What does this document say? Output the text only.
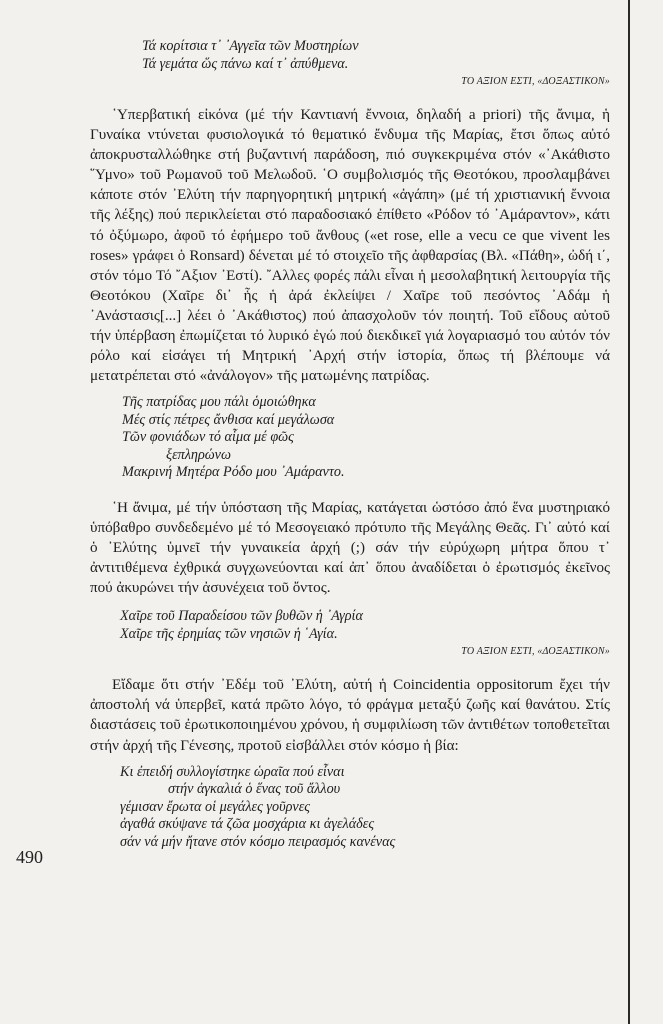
490
Τά κορίτσια τ᾽ ᾽Αγγεῖα τῶν Μυστηρίων
Τά γεμάτα ὥς πάνω καί τ᾽ ἀπύθμενα.
ΤΟ ΑΞΙΟΝ ΕΣΤΙ, «ΔΟΞΑΣΤΙΚΟΝ»

῾Υπερβατική εἰκόνα (μέ τήν Καντιανή ἔννοια, δηλαδή a priori) τῆς ἄνιμα, ἡ Γυναίκα ντύνεται φυσιολογικά τό θεματικό ἔνδυμα τῆς Μαρίας, ἔτσι ὅπως αὐτό ἀποκρυσταλλώθηκε στή βυζαντινή παράδοση, πιό συγκεκριμένα στόν «᾽Ακάθιστο ῞Υμνο» τοῦ Ρωμανοῦ τοῦ Μελωδοῦ. ῾Ο συμβολισμός τῆς Θεοτόκου, προσλαμβάνει κάποτε στόν ᾽Ελύτη τήν παρηγορητική μητρική «ἀγάπη» (μέ τή χριστιανική ἔννοια τῆς λέξης) πού περικλείεται στό παραδοσιακό ἐπίθετο «Ρόδον τό ᾽Αμάραντον», κάτι τό ὀξύμωρο, ἀφοῦ τό ἐφήμερο τοῦ ἄνθους («et rose, elle a vecu ce que vivent les roses» γράφει ὁ Ronsard) δένεται μέ τό στοιχεῖο τῆς ἀφθαρσίας (Βλ. «Πάθη», ὠδή ι΄, στόν τόμο Τό ῎Αξιον ᾽Εστί). ῎Αλλες φορές πάλι εἶναι ἡ μεσολαβητική λειτουργία τῆς Θεοτόκου (Χαῖρε δι᾽ ἧς ἡ ἀρά ἐκλείψει / Χαῖρε τοῦ πεσόντος ᾽Αδάμ ἡ ᾽Ανάστασις[...] λέει ὁ ᾽Ακάθιστος) πού ἀπασχολοῦν τόν ποιητή. Τοῦ εἴδους αὐτοῦ τήν ὑπέρβαση ἐπωμίζεται τό λυρικό ἐγώ πού διεκδικεῖ γιά λογαριασμό του αὐτόν τόν ρόλο καί εἰσάγει τή Μητρική ᾽Αρχή στήν ἱστορία, ὅπως τή βλέπουμε νά μετατρέπεται στό «ἀνάλογον» τῆς ματωμένης πατρίδας.

Τῆς πατρίδας μου πάλι ὁμοιώθηκα
Μές στίς πέτρες ἄνθισα καί μεγάλωσα
Τῶν φονιάδων τό αἷμα μέ φῶς
ξεπληρώνω
Μακρινή Μητέρα Ρόδο μου ᾽Αμάραντο.

῾Η ἄνιμα, μέ τήν ὑπόσταση τῆς Μαρίας, κατάγεται ὡστόσο ἀπό ἕνα μυστηριακό ὑπόβαθρο συνδεδεμένο μέ τό Μεσογειακό πρότυπο τῆς Μεγάλης Θεᾶς. Γι᾽ αὐτό καί ὁ ᾽Ελύτης ὑμνεῖ τήν γυναικεία ἀρχή (;) σάν τήν εὐρύχωρη μήτρα ὅπου τ᾽ ἀντιτιθέμενα ἐχθρικά συγχωνεύονται καί ἀπ᾽ ὅπου ἀναδίδεται ὁ ἐρωτισμός ἐκεῖνος πού ἀκυρώνει τήν ἀσυνέχεια τοῦ ὄντος.

Χαῖρε τοῦ Παραδείσου τῶν βυθῶν ἡ ᾽Αγρία
Χαῖρε τῆς ἐρημίας τῶν νησιῶν ἡ ῾Αγία.
ΤΟ ΑΞΙΟΝ ΕΣΤΙ, «ΔΟΞΑΣΤΙΚΟΝ»

Εἴδαμε ὅτι στήν ᾽Εδέμ τοῦ ᾽Ελύτη, αὐτή ἡ Coincidentia oppositorum ἔχει τήν ἀποστολή νά ὑπερβεῖ, κατά πρῶτο λόγο, τό φράγμα μεταξύ ζωῆς καί θανάτου. Στίς διαστάσεις τοῦ ἐρωτικοποιημένου χρόνου, ἡ συμφιλίωση τῶν ἀντιθέτων τοποθετεῖται στήν ἀρχή τῆς Γένεσης, προτοῦ εἰσβάλλει στόν κόσμο ἡ βία:

Κι ἐπειδή συλλογίστηκε ὡραῖα πού εἶναι
στήν ἀγκαλιά ὁ ἕνας τοῦ ἄλλου
γέμισαν ἔρωτα οἱ μεγάλες γοῦρνες
ἀγαθά σκύψανε τά ζῶα μοσχάρια κι ἀγελάδες
σάν νά μήν ἤτανε στόν κόσμο πειρασμός κανένας
